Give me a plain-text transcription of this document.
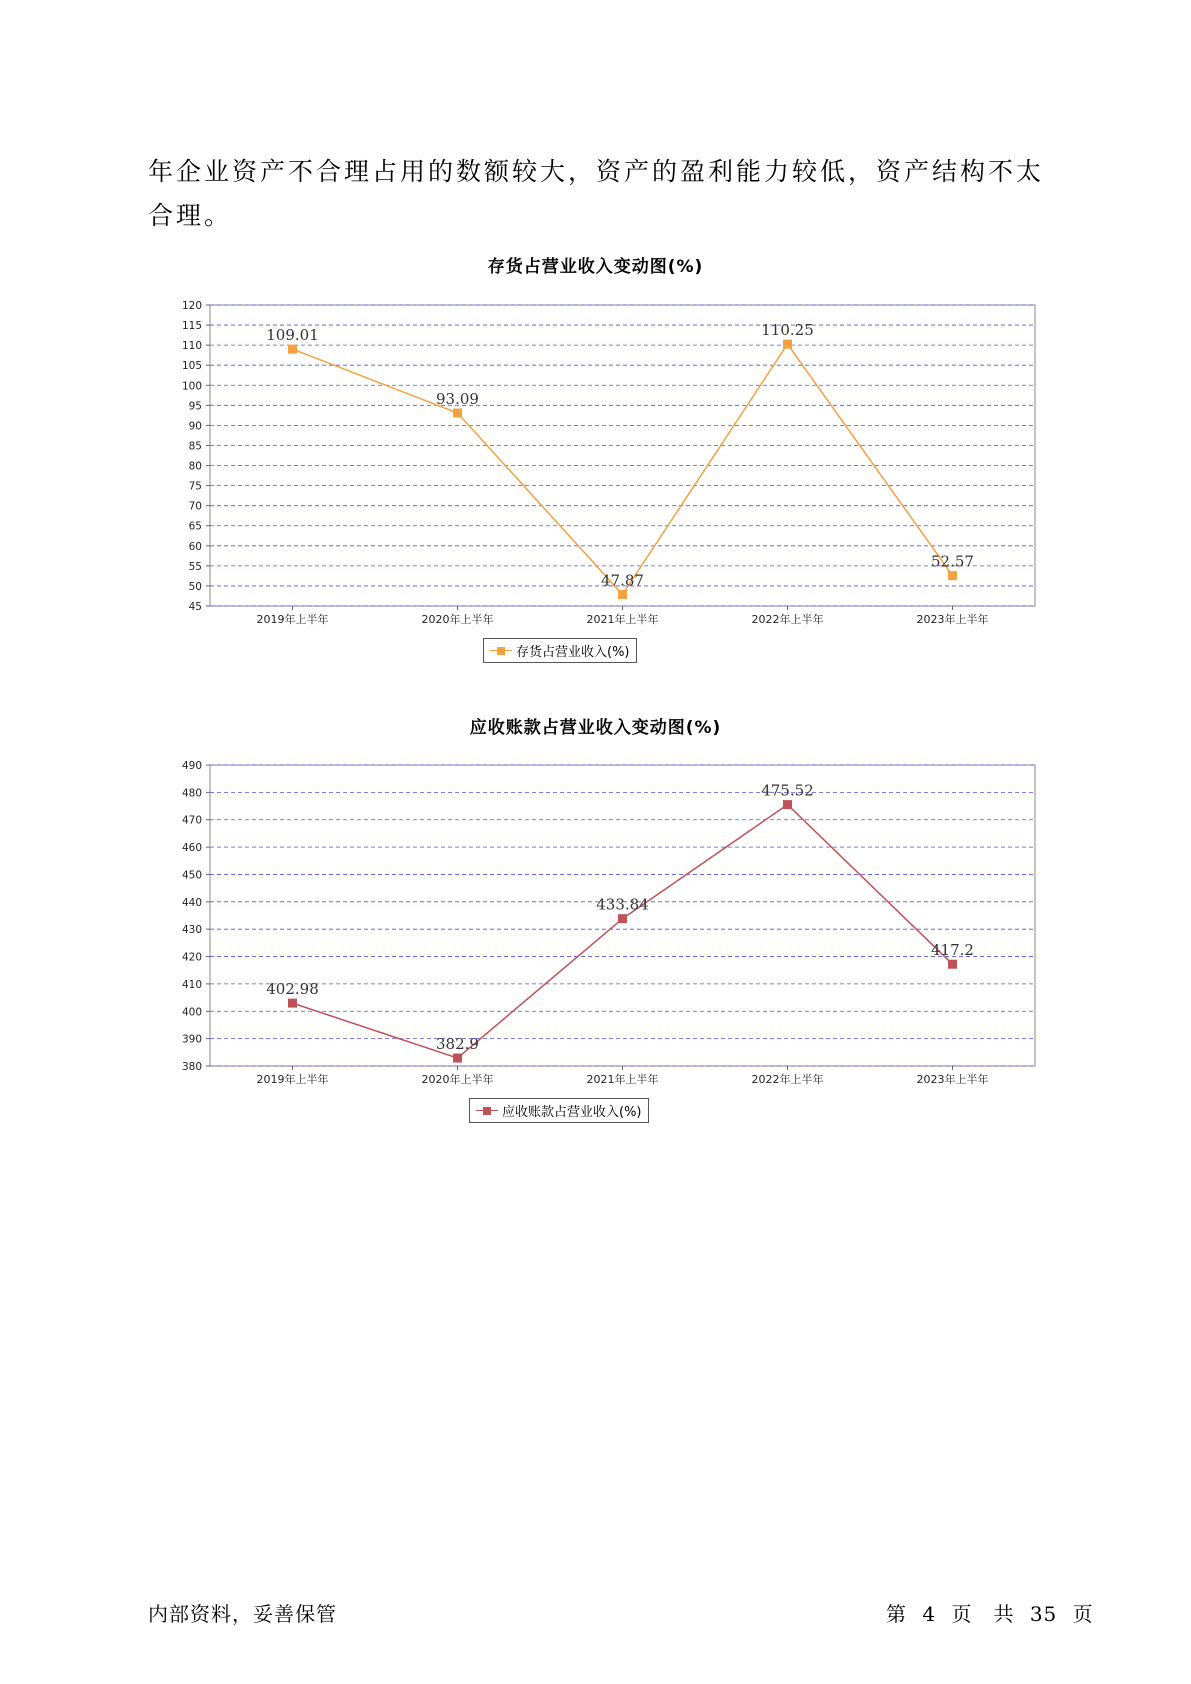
年企业资产不合理占用的数额较大，资产的盈利能力较低，资产结构不太合理。

存货占营业收入变动图(%)
45
50
55
60
65
70
75
80
85
90
95
100
105
110
115
120
2019年上半年	2020年上半年	2021年上半年	2022年上半年	2023年上半年
109.01
93.09
47.87
110.25
52.57
存货占营业收入(%)
应收账款占营业收入变动图(%)
380
390
400
410
420
430
440
450
460
470
480
490
2019年上半年	2020年上半年	2021年上半年	2022年上半年	2023年上半年
402.98
382.9
433.84
475.52
417.2
应收账款占营业收入(%)
内部资料，妥善保管	第 4 页　共 35 页
